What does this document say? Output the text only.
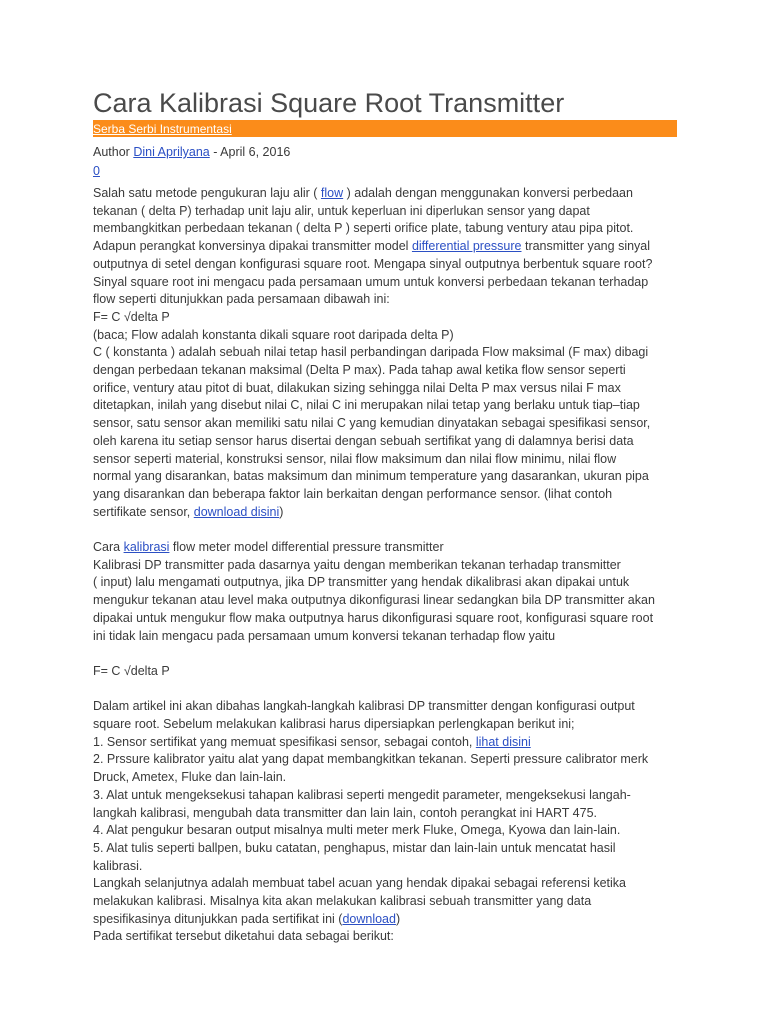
Cara Kalibrasi Square Root Transmitter
Serba Serbi Instrumentasi
Author Dini Aprilyana - April 6, 2016
0

Salah satu metode pengukuran laju alir ( flow ) adalah dengan menggunakan konversi perbedaan
tekanan ( delta P) terhadap unit laju alir, untuk keperluan ini diperlukan sensor yang dapat
membangkitkan perbedaan tekanan ( delta P ) seperti orifice plate, tabung ventury atau pipa pitot.
Adapun perangkat konversinya dipakai transmitter model differential pressure transmitter yang sinyal
outputnya di setel dengan konfigurasi square root. Mengapa sinyal outputnya berbentuk square root?
Sinyal square root ini mengacu pada persamaan umum untuk konversi perbedaan tekanan terhadap
flow seperti ditunjukkan pada persamaan dibawah ini:
F= C √delta P
(baca; Flow adalah konstanta dikali square root daripada delta P)
C ( konstanta ) adalah sebuah nilai tetap hasil perbandingan daripada Flow maksimal (F max) dibagi
dengan perbedaan tekanan maksimal (Delta P max). Pada tahap awal ketika flow sensor seperti
orifice, ventury atau pitot di buat, dilakukan sizing sehingga nilai Delta P max versus nilai F max
ditetapkan, inilah yang disebut nilai C, nilai C ini merupakan nilai tetap yang berlaku untuk tiap–tiap
sensor, satu sensor akan memiliki satu nilai C yang kemudian dinyatakan sebagai spesifikasi sensor,
oleh karena itu setiap sensor harus disertai dengan sebuah sertifikat yang di dalamnya berisi data
sensor seperti material, konstruksi sensor, nilai flow maksimum dan nilai flow minimu, nilai flow
normal yang disarankan, batas maksimum dan minimum temperature yang dasarankan, ukuran pipa
yang disarankan dan beberapa faktor lain berkaitan dengan performance sensor. (lihat contoh
sertifikate sensor, download disini)

Cara kalibrasi flow meter model differential pressure transmitter
Kalibrasi DP transmitter pada dasarnya yaitu dengan memberikan tekanan terhadap transmitter
( input) lalu mengamati outputnya, jika DP transmitter yang hendak dikalibrasi akan dipakai untuk
mengukur tekanan atau level maka outputnya dikonfigurasi linear sedangkan bila DP transmitter akan
dipakai untuk mengukur flow maka outputnya harus dikonfigurasi square root, konfigurasi square root
ini tidak lain mengacu pada persamaan umum konversi tekanan terhadap flow yaitu

F= C √delta P

Dalam artikel ini akan dibahas langkah-langkah kalibrasi DP transmitter dengan konfigurasi output
square root. Sebelum melakukan kalibrasi harus dipersiapkan perlengkapan berikut ini;
1. Sensor sertifikat yang memuat spesifikasi sensor, sebagai contoh, lihat disini
2. Prssure kalibrator yaitu alat yang dapat membangkitkan tekanan. Seperti pressure calibrator merk
Druck, Ametex, Fluke dan lain-lain.
3. Alat untuk mengeksekusi tahapan kalibrasi seperti mengedit parameter, mengeksekusi langah-
langkah kalibrasi, mengubah data transmitter dan lain lain, contoh perangkat ini HART 475.
4. Alat pengukur besaran output misalnya multi meter merk Fluke, Omega, Kyowa dan lain-lain.
5. Alat tulis seperti ballpen, buku catatan, penghapus, mistar dan lain-lain untuk mencatat hasil
kalibrasi.
Langkah selanjutnya adalah membuat tabel acuan yang hendak dipakai sebagai referensi ketika
melakukan kalibrasi. Misalnya kita akan melakukan kalibrasi sebuah transmitter yang data
spesifikasinya ditunjukkan pada sertifikat ini (download)
Pada sertifikat tersebut diketahui data sebagai berikut:
